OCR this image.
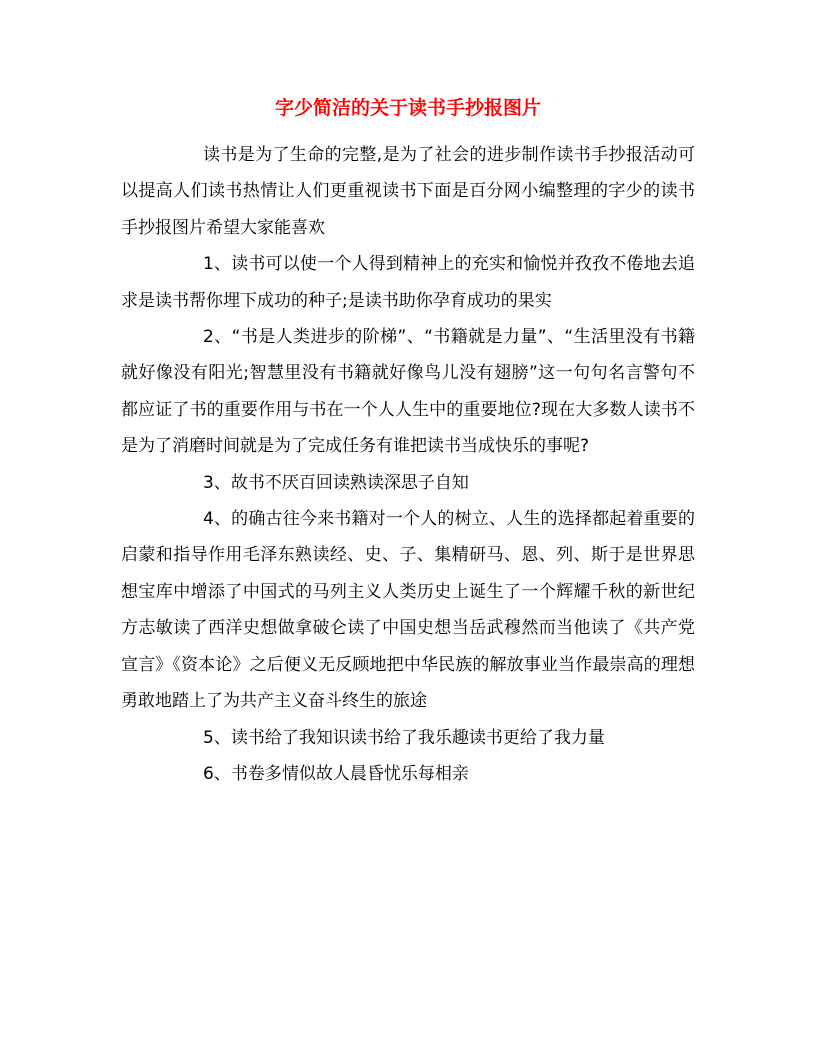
字少简洁的关于读书手抄报图片

读书是为了生命的完整,是为了社会的进步制作读书手抄报活动可以提高人们读书热情让人们更重视读书下面是百分网小编整理的字少的读书手抄报图片希望大家能喜欢

1、读书可以使一个人得到精神上的充实和愉悦并孜孜不倦地去追求是读书帮你埋下成功的种子;是读书助你孕育成功的果实

2、“书是人类进步的阶梯”、“书籍就是力量”、“生活里没有书籍就好像没有阳光;智慧里没有书籍就好像鸟儿没有翅膀”这一句句名言警句不都应证了书的重要作用与书在一个人人生中的重要地位?现在大多数人读书不是为了消磨时间就是为了完成任务有谁把读书当成快乐的事呢?

3、故书不厌百回读熟读深思子自知

4、的确古往今来书籍对一个人的树立、人生的选择都起着重要的启蒙和指导作用毛泽东熟读经、史、子、集精研马、恩、列、斯于是世界思想宝库中增添了中国式的马列主义人类历史上诞生了一个辉耀千秋的新世纪方志敏读了西洋史想做拿破仑读了中国史想当岳武穆然而当他读了《共产党宣言》《资本论》之后便义无反顾地把中华民族的解放事业当作最崇高的理想勇敢地踏上了为共产主义奋斗终生的旅途

5、读书给了我知识读书给了我乐趣读书更给了我力量

6、书卷多情似故人晨昏忧乐每相亲
